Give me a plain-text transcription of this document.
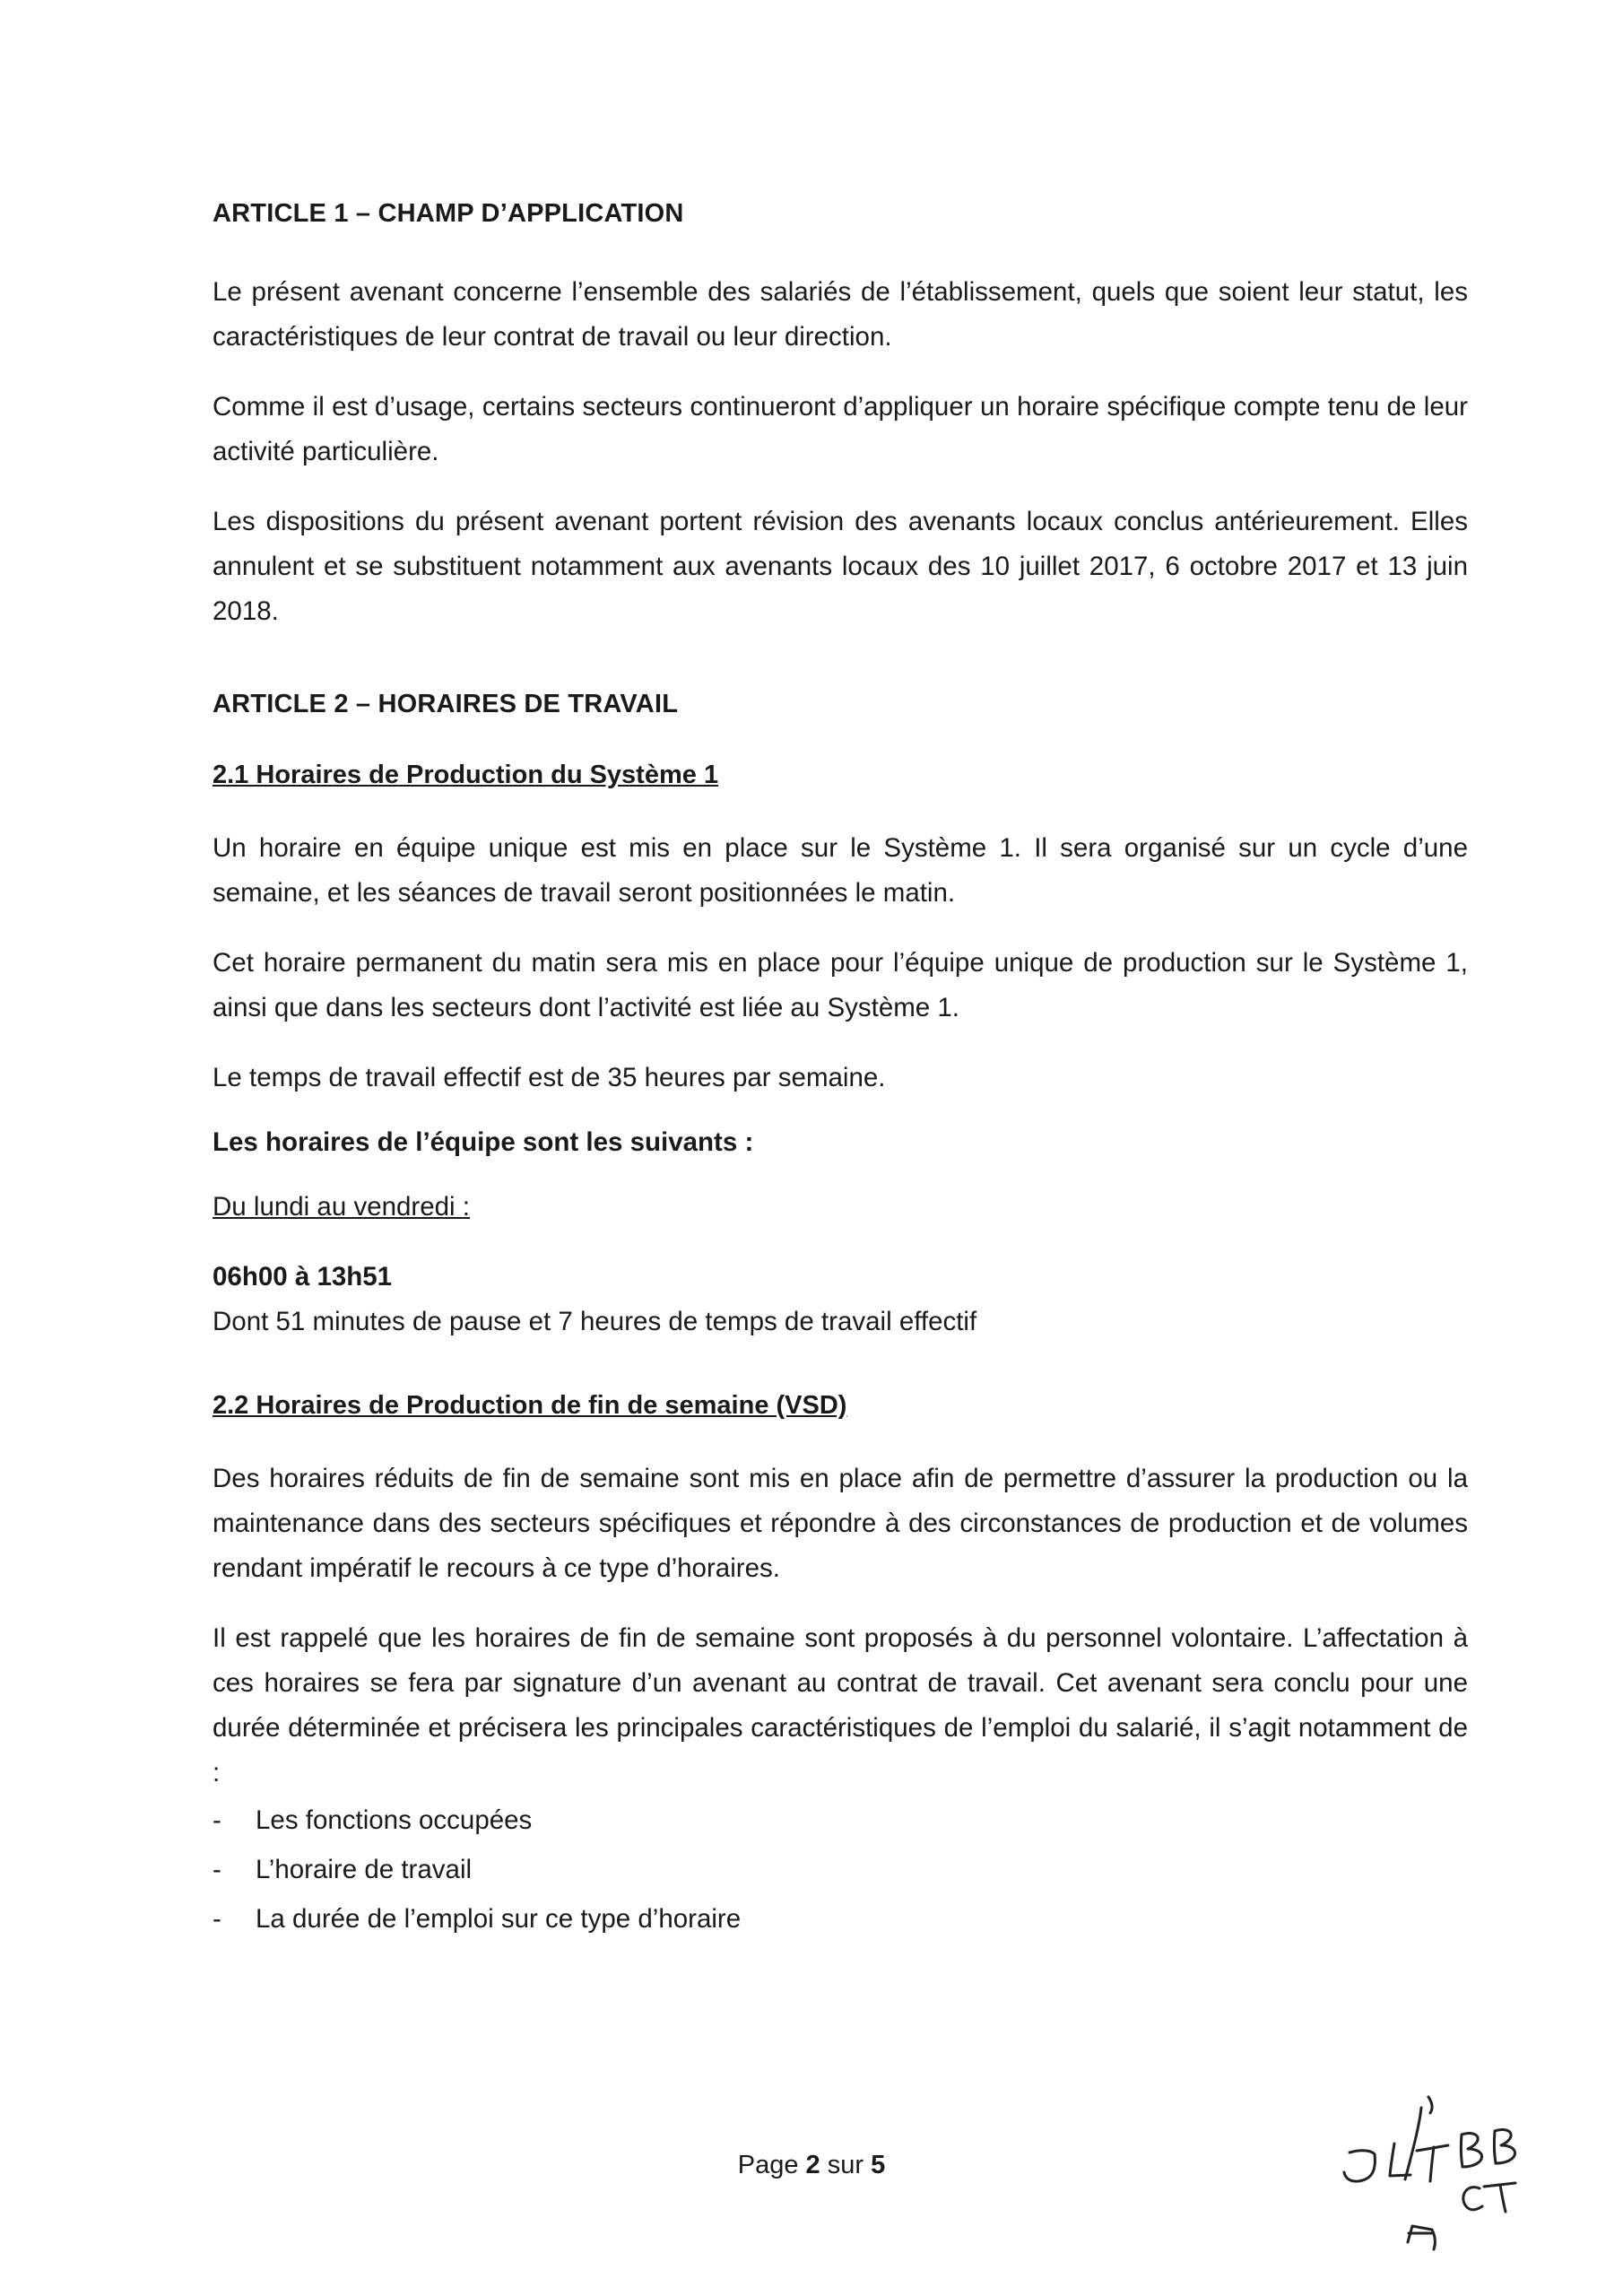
ARTICLE 1 – CHAMP D’APPLICATION

Le présent avenant concerne l’ensemble des salariés de l’établissement, quels que soient leur statut, les caractéristiques de leur contrat de travail ou leur direction.

Comme il est d’usage, certains secteurs continueront d’appliquer un horaire spécifique compte tenu de leur activité particulière.

Les dispositions du présent avenant portent révision des avenants locaux conclus antérieurement. Elles annulent et se substituent notamment aux avenants locaux des 10 juillet 2017, 6 octobre 2017 et 13 juin 2018.

ARTICLE 2 – HORAIRES DE TRAVAIL
2.1 Horaires de Production du Système 1

Un horaire en équipe unique est mis en place sur le Système 1. Il sera organisé sur un cycle d’une semaine, et les séances de travail seront positionnées le matin.

Cet horaire permanent du matin sera mis en place pour l’équipe unique de production sur le Système 1, ainsi que dans les secteurs dont l’activité est liée au Système 1.

Le temps de travail effectif est de 35 heures par semaine.

Les horaires de l’équipe sont les suivants :

Du lundi au vendredi :

06h00 à 13h51

Dont 51 minutes de pause et 7 heures de temps de travail effectif

2.2 Horaires de Production de fin de semaine (VSD)

Des horaires réduits de fin de semaine sont mis en place afin de permettre d’assurer la production ou la maintenance dans des secteurs spécifiques et répondre à des circonstances de production et de volumes rendant impératif le recours à ce type d’horaires.

Il est rappelé que les horaires de fin de semaine sont proposés à du personnel volontaire. L’affectation à ces horaires se fera par signature d’un avenant au contrat de travail. Cet avenant sera conclu pour une durée déterminée et précisera les principales caractéristiques de l’emploi du salarié, il s’agit notamment de :

- Les fonctions occupées
- L’horaire de travail
- La durée de l’emploi sur ce type d’horaire
Page 2 sur 5
